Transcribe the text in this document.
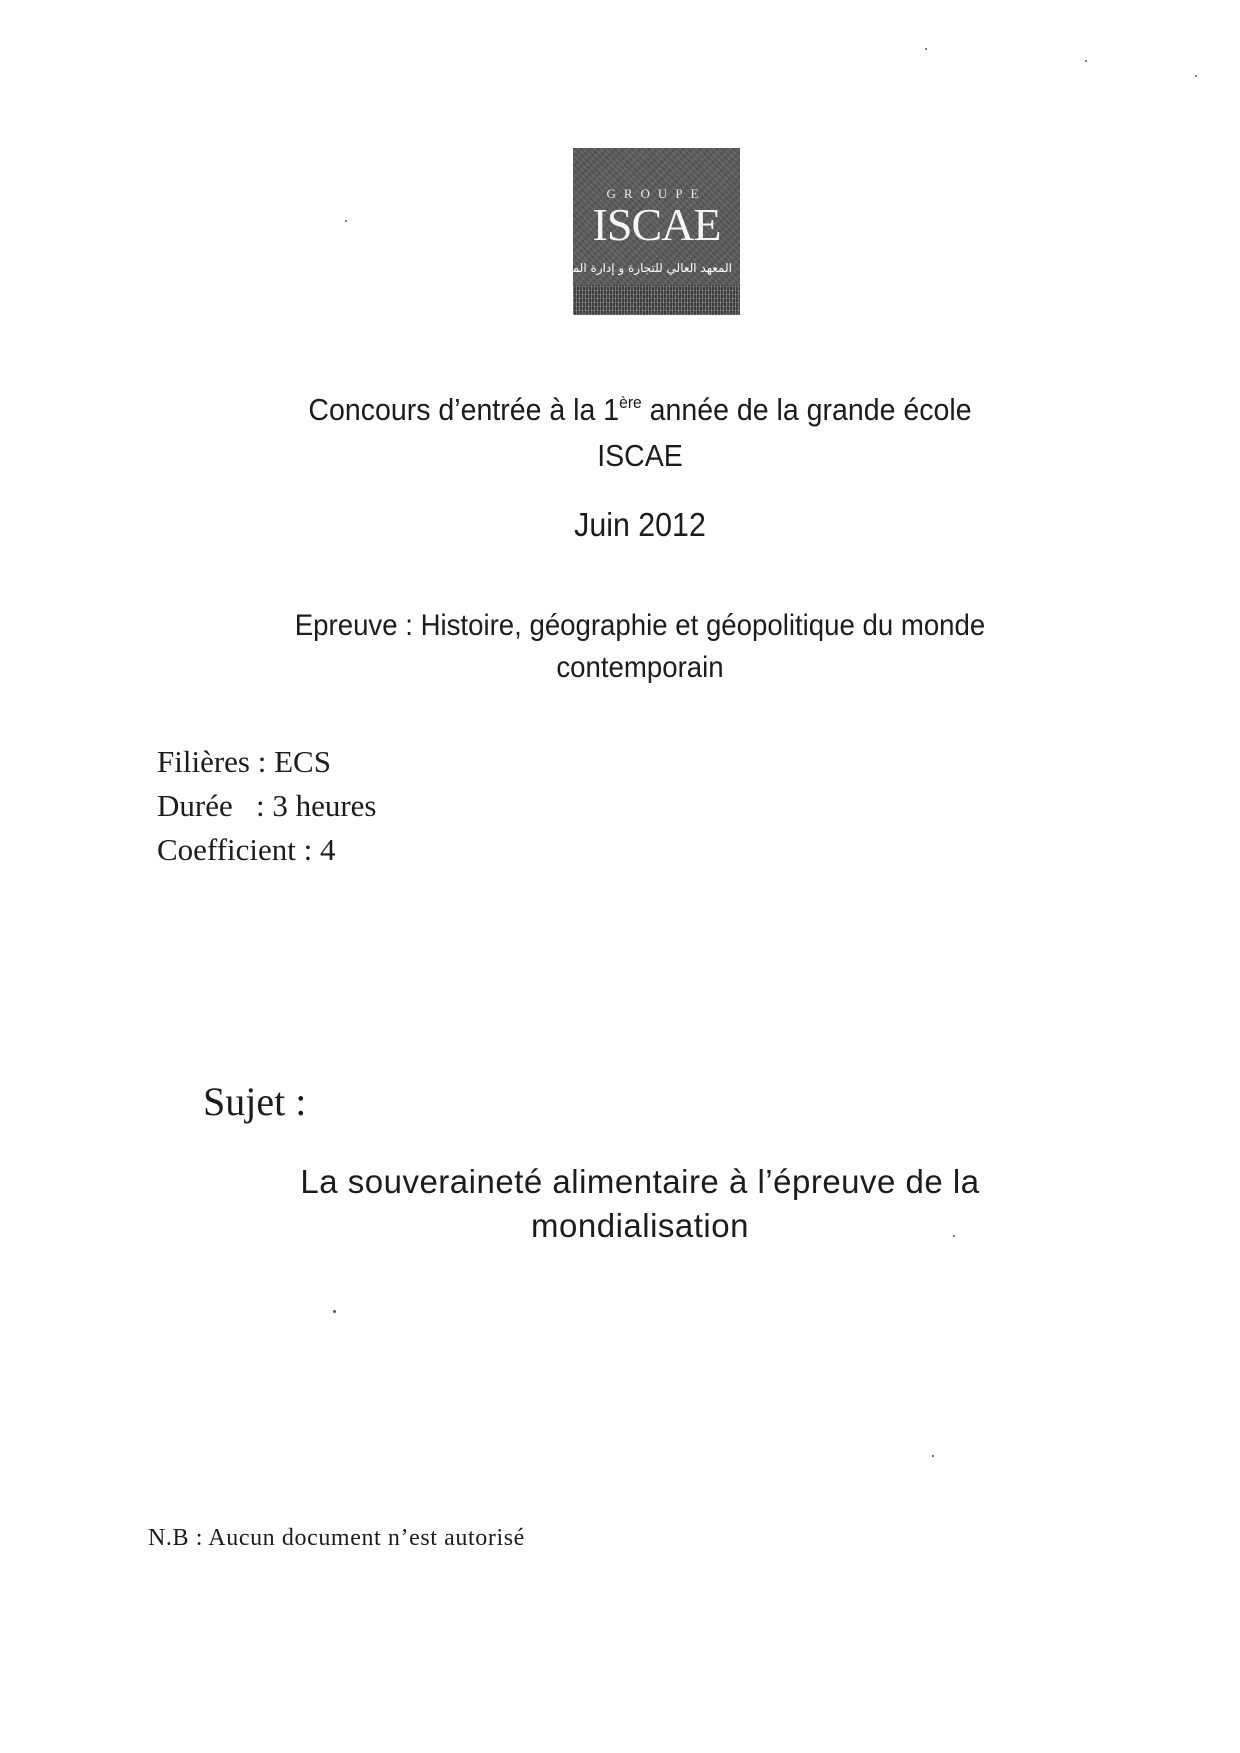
GROUPE
ISCAE
المعهد العالي للتجارة و إدارة المقاولات
Concours d’entrée à la 1ère année de la grande école
ISCAE
Juin 2012
Epreuve : Histoire, géographie et géopolitique du monde
contemporain
Filières : ECS
Durée   : 3 heures
Coefficient : 4
Sujet :
La souveraineté alimentaire à l’épreuve de la
mondialisation
N.B : Aucun document n’est autorisé
